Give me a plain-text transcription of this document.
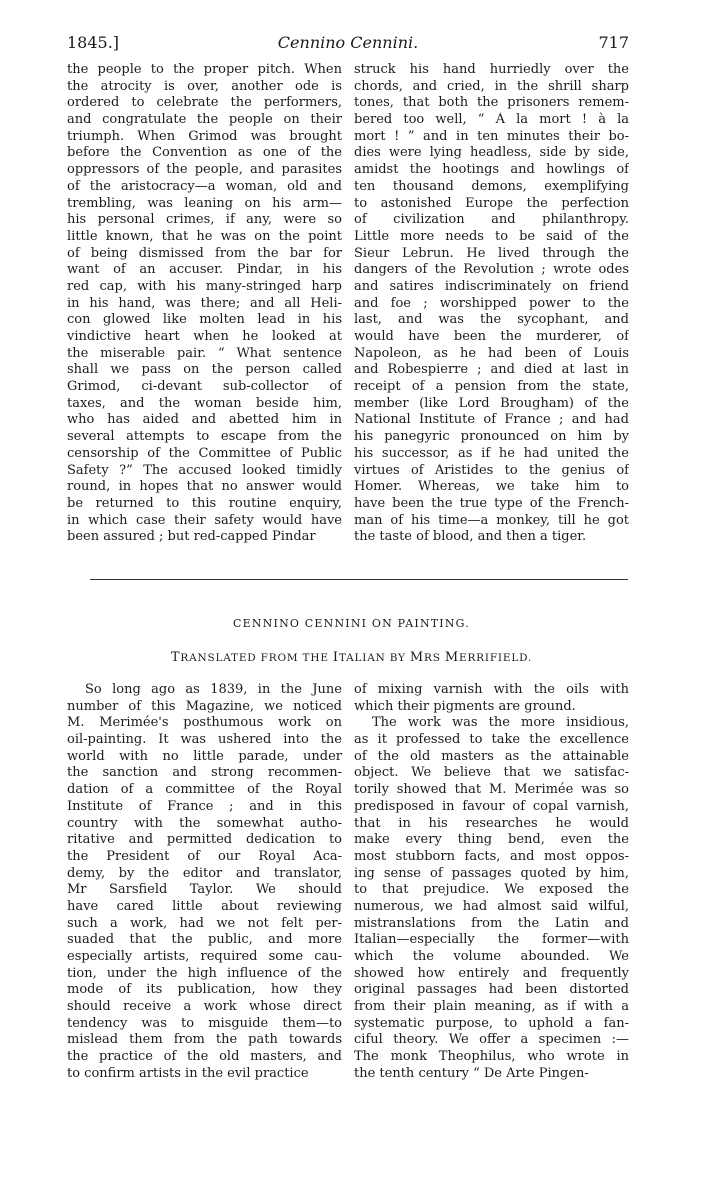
1845.]	Cennino Cennini.	717
the people to the proper pitch. When
the atrocity is over, another ode is
ordered to celebrate the performers,
and congratulate the people on their
triumph. When Grimod was brought
before the Convention as one of the
oppressors of the people, and parasites
of the aristocracy—a woman, old and
trembling, was leaning on his arm—
his personal crimes, if any, were so
little known, that he was on the point
of being dismissed from the bar for
want of an accuser. Pindar, in his
red cap, with his many-stringed harp
in his hand, was there; and all Heli-
con glowed like molten lead in his
vindictive heart when he looked at
the miserable pair. “ What sentence
shall we pass on the person called
Grimod, ci-devant sub-collector of
taxes, and the woman beside him,
who has aided and abetted him in
several attempts to escape from the
censorship of the Committee of Public
Safety ?” The accused looked timidly
round, in hopes that no answer would
be returned to this routine enquiry,
in which case their safety would have
been assured ; but red-capped Pindar
struck his hand hurriedly over the
chords, and cried, in the shrill sharp
tones, that both the prisoners remem-
bered too well, “ À la mort ! à la
mort ! ” and in ten minutes their bo-
dies were lying headless, side by side,
amidst the hootings and howlings of
ten thousand demons, exemplifying
to astonished Europe the perfection
of civilization and philanthropy.
Little more needs to be said of the
Sieur Lebrun. He lived through the
dangers of the Revolution ; wrote odes
and satires indiscriminately on friend
and foe ; worshipped power to the
last, and was the sycophant, and
would have been the murderer, of
Napoleon, as he had been of Louis
and Robespierre ; and died at last in
receipt of a pension from the state,
member (like Lord Brougham) of the
National Institute of France ; and had
his panegyric pronounced on him by
his successor, as if he had united the
virtues of Aristides to the genius of
Homer. Whereas, we take him to
have been the true type of the French-
man of his time—a monkey, till he got
the taste of blood, and then a tiger.
CENNINO CENNINI ON PAINTING.
TRANSLATED FROM THE ITALIAN BY MRS MERRIFIELD.
So long ago as 1839, in the June
number of this Magazine, we noticed
M. Merimée's posthumous work on
oil-painting. It was ushered into the
world with no little parade, under
the sanction and strong recommen-
dation of a committee of the Royal
Institute of France ; and in this
country with the somewhat autho-
ritative and permitted dedication to
the President of our Royal Aca-
demy, by the editor and translator,
Mr Sarsfield Taylor. We should
have cared little about reviewing
such a work, had we not felt per-
suaded that the public, and more
especially artists, required some cau-
tion, under the high influence of the
mode of its publication, how they
should receive a work whose direct
tendency was to misguide them—to
mislead them from the path towards
the practice of the old masters, and
to confirm artists in the evil practice
of mixing varnish with the oils with
which their pigments are ground.
The work was the more insidious,
as it professed to take the excellence
of the old masters as the attainable
object. We believe that we satisfac-
torily showed that M. Merimée was so
predisposed in favour of copal varnish,
that in his researches he would
make every thing bend, even the
most stubborn facts, and most oppos-
ing sense of passages quoted by him,
to that prejudice. We exposed the
numerous, we had almost said wilful,
mistranslations from the Latin and
Italian—especially the former—with
which the volume abounded. We
showed how entirely and frequently
original passages had been distorted
from their plain meaning, as if with a
systematic purpose, to uphold a fan-
ciful theory. We offer a specimen :—
The monk Theophilus, who wrote in
the tenth century “ De Arte Pingen-
